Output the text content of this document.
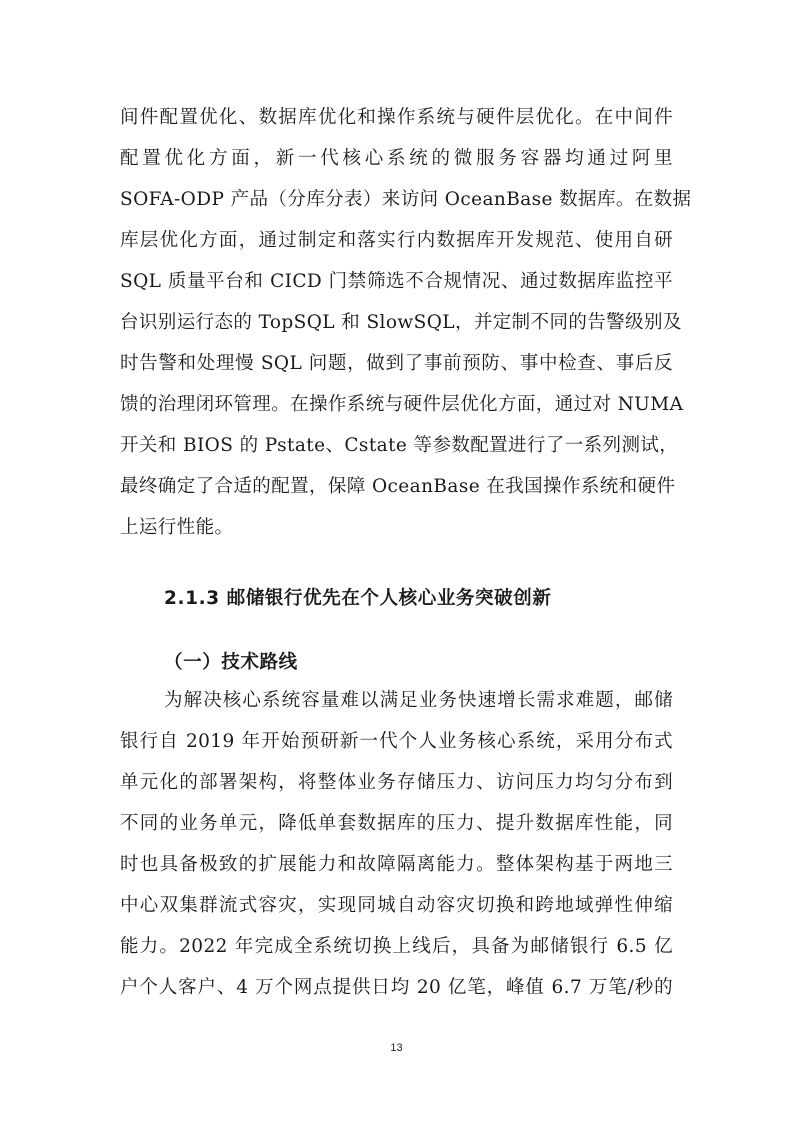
间件配置优化、数据库优化和操作系统与硬件层优化。在中间件
配置优化方面，新一代核心系统的微服务容器均通过阿里
SOFA-ODP 产品（分库分表）来访问 OceanBase 数据库。在数据
库层优化方面，通过制定和落实行内数据库开发规范、使用自研
SQL 质量平台和 CICD 门禁筛选不合规情况、通过数据库监控平
台识别运行态的 TopSQL 和 SlowSQL，并定制不同的告警级别及
时告警和处理慢 SQL 问题，做到了事前预防、事中检查、事后反
馈的治理闭环管理。在操作系统与硬件层优化方面，通过对 NUMA
开关和 BIOS 的 Pstate、Cstate 等参数配置进行了一系列测试，
最终确定了合适的配置，保障 OceanBase 在我国操作系统和硬件
上运行性能。
2.1.3 邮储银行优先在个人核心业务突破创新
（一）技术路线
为解决核心系统容量难以满足业务快速增长需求难题，邮储
银行自 2019 年开始预研新一代个人业务核心系统，采用分布式
单元化的部署架构，将整体业务存储压力、访问压力均匀分布到
不同的业务单元，降低单套数据库的压力、提升数据库性能，同
时也具备极致的扩展能力和故障隔离能力。整体架构基于两地三
中心双集群流式容灾，实现同城自动容灾切换和跨地域弹性伸缩
能力。2022 年完成全系统切换上线后，具备为邮储银行 6.5 亿
户个人客户、4 万个网点提供日均 20 亿笔，峰值 6.7 万笔/秒的
13
